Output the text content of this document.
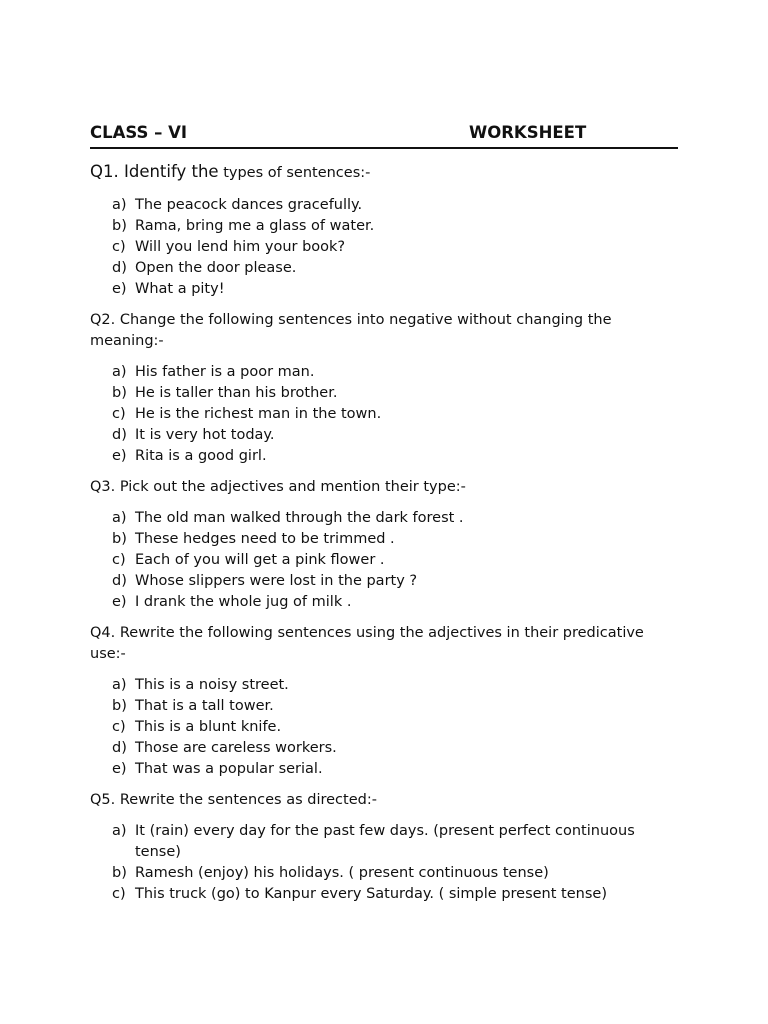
CLASS – VI	WORKSHEET

Q1. Identify the types of sentences:-

a) The peacock dances gracefully.
b) Rama, bring me a glass of water.
c) Will you lend him your book?
d) Open the door please.
e) What a pity!

Q2. Change the following sentences into negative without changing the meaning:-

a) His father is a poor man.
b) He is taller than his brother.
c) He is the richest man in the town.
d) It is very hot today.
e) Rita is a good girl.

Q3. Pick out the adjectives and mention their type:-

a) The old man walked through the dark forest .
b) These hedges need to be trimmed .
c) Each of you will get a pink flower .
d) Whose slippers were lost in the party ?
e) I drank the whole jug of milk .

Q4. Rewrite the following sentences using the adjectives in their predicative use:-

a) This is a noisy street.
b) That is a tall tower.
c) This is a blunt knife.
d) Those are careless workers.
e) That was a popular serial.

Q5. Rewrite the sentences as directed:-

a) It (rain) every day for the past few days. (present perfect continuous tense)
b) Ramesh (enjoy) his holidays. ( present continuous tense)
c) This truck (go) to Kanpur every Saturday. ( simple present tense)
